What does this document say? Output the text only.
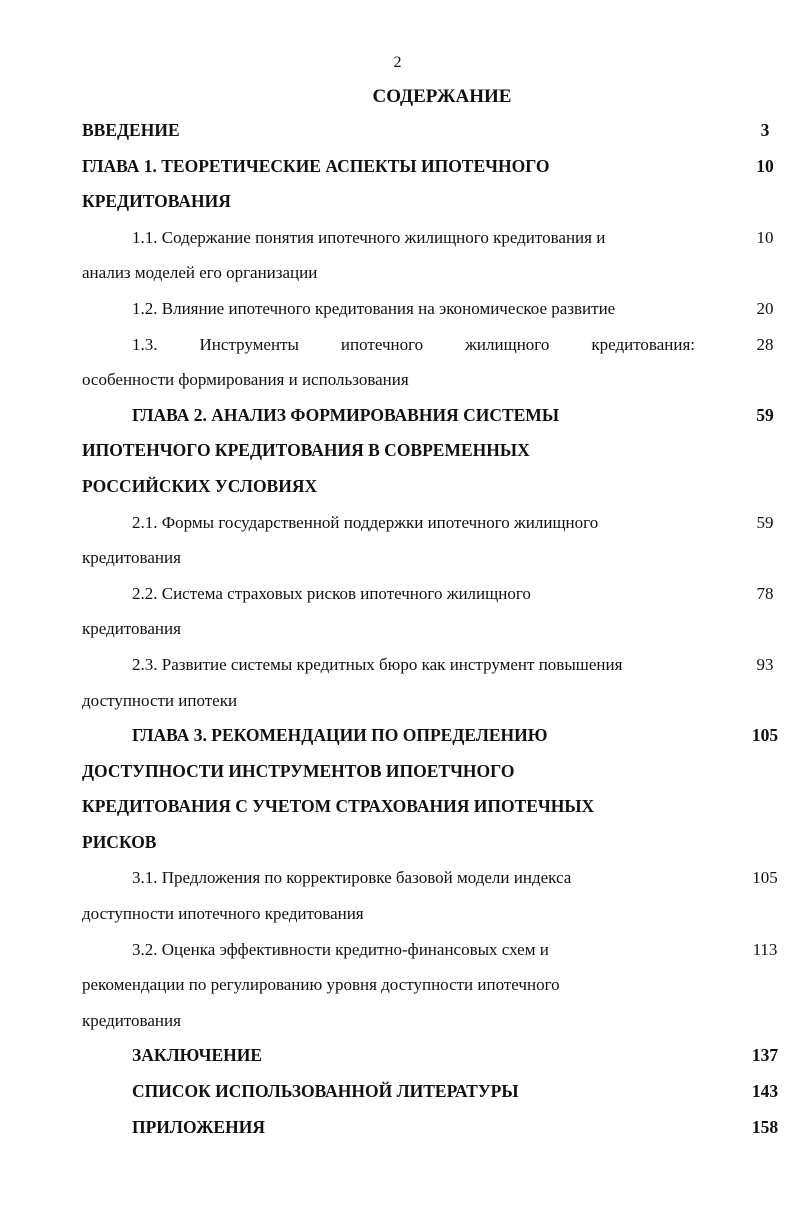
2
СОДЕРЖАНИЕ
ВВЕДЕНИЕ	3
ГЛАВА 1. ТЕОРЕТИЧЕСКИЕ АСПЕКТЫ ИПОТЕЧНОГО	10
КРЕДИТОВАНИЯ
1.1. Содержание понятия ипотечного жилищного кредитования и	10
анализ моделей его организации
1.2. Влияние ипотечного кредитования на экономическое развитие	20
1.3. Инструменты ипотечного жилищного кредитования:	28
особенности формирования и использования
ГЛАВА 2. АНАЛИЗ ФОРМИРОВАВНИЯ СИСТЕМЫ	59
ИПОТЕНЧОГО КРЕДИТОВАНИЯ В СОВРЕМЕННЫХ
РОССИЙСКИХ УСЛОВИЯХ
2.1. Формы государственной поддержки ипотечного жилищного	59
кредитования
2.2. Система страховых рисков ипотечного жилищного	78
кредитования
2.3. Развитие системы кредитных бюро как инструмент повышения	93
доступности ипотеки
ГЛАВА 3. РЕКОМЕНДАЦИИ ПО ОПРЕДЕЛЕНИЮ	105
ДОСТУПНОСТИ ИНСТРУМЕНТОВ ИПОЕТЧНОГО
КРЕДИТОВАНИЯ С УЧЕТОМ СТРАХОВАНИЯ ИПОТЕЧНЫХ
РИСКОВ
3.1. Предложения по корректировке базовой модели индекса	105
доступности ипотечного кредитования
3.2. Оценка эффективности кредитно-финансовых схем и	113
рекомендации по регулированию уровня доступности ипотечного
кредитования
ЗАКЛЮЧЕНИЕ	137
СПИСОК ИСПОЛЬЗОВАННОЙ ЛИТЕРАТУРЫ	143
ПРИЛОЖЕНИЯ	158
